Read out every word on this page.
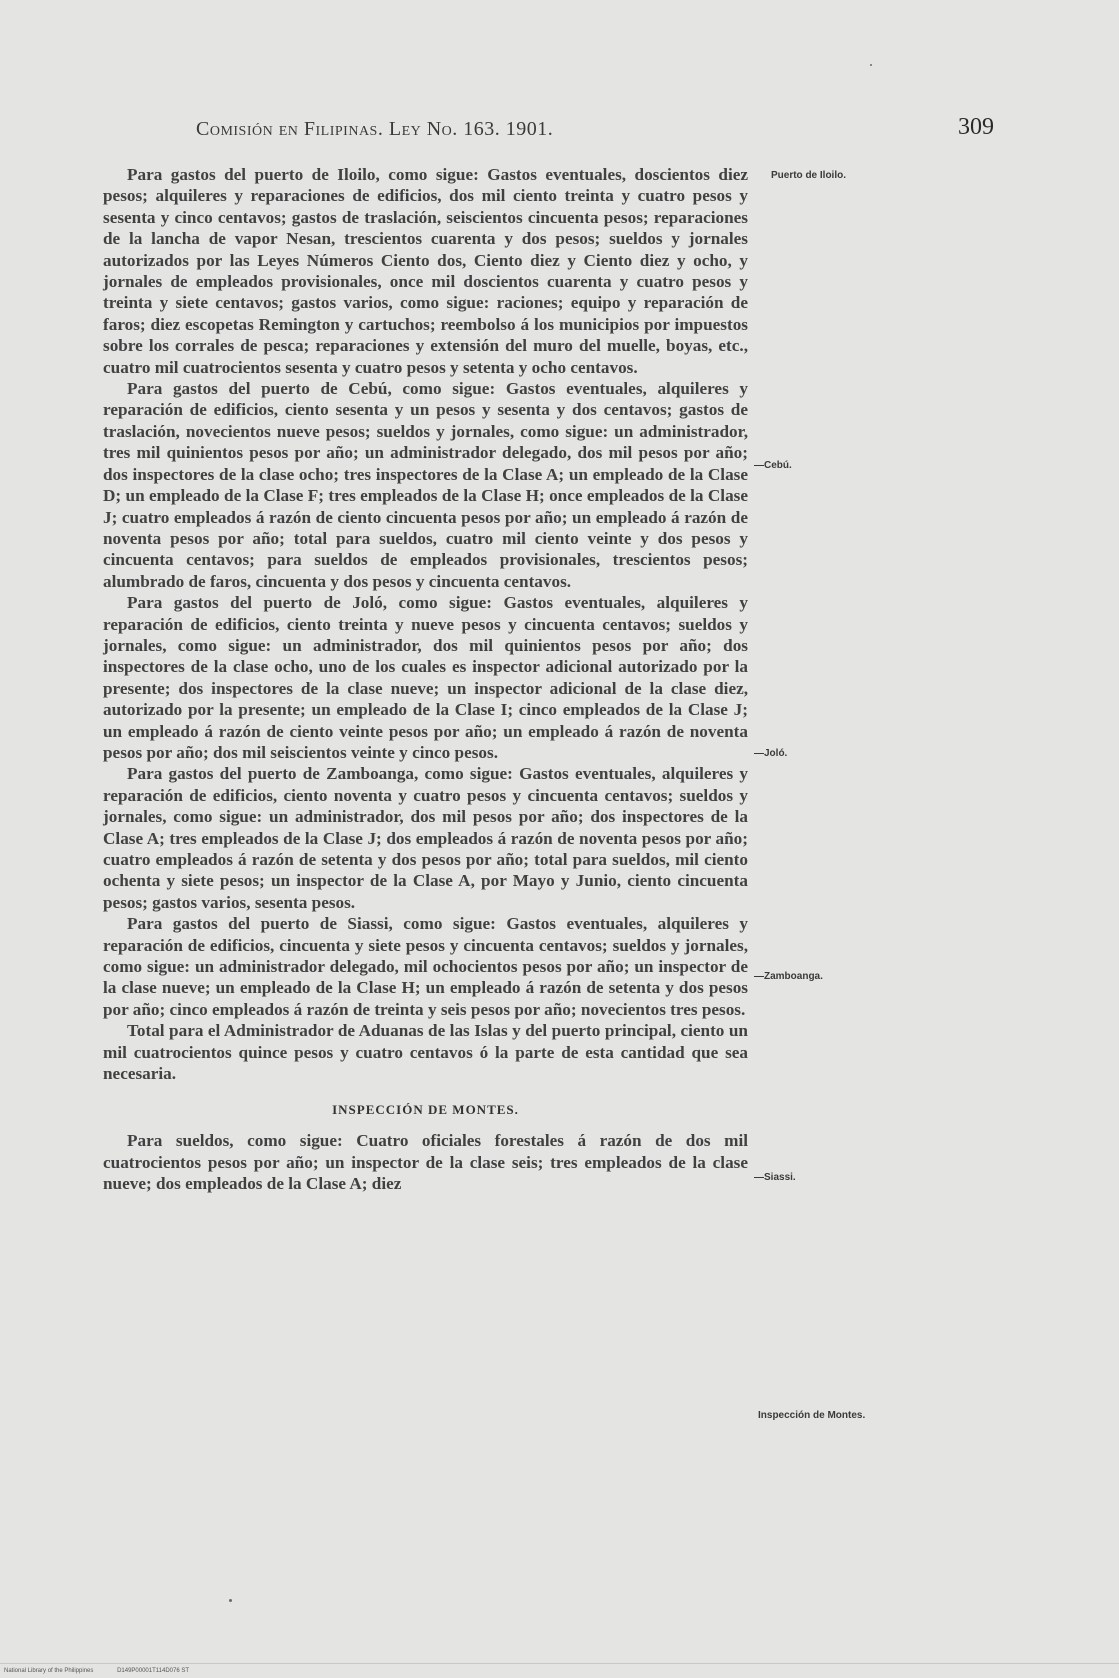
Comisión en Filipinas. Ley No. 163. 1901.	309

Para gastos del puerto de Iloilo, como sigue: Gastos eventuales, doscientos diez pesos; alquileres y reparaciones de edificios, dos mil ciento treinta y cuatro pesos y sesenta y cinco centavos; gastos de traslación, seiscientos cincuenta pesos; reparaciones de la lancha de vapor Nesan, trescientos cuarenta y dos pesos; sueldos y jornales autorizados por las Leyes Números Ciento dos, Ciento diez y Ciento diez y ocho, y jornales de empleados provisionales, once mil doscientos cuarenta y cuatro pesos y treinta y siete centavos; gastos varios, como sigue: raciones; equipo y reparación de faros; diez escopetas Remington y cartuchos; reembolso á los municipios por impuestos sobre los corrales de pesca; reparaciones y extensión del muro del muelle, boyas, etc., cuatro mil cuatrocientos sesenta y cuatro pesos y setenta y ocho centavos.

Para gastos del puerto de Cebú, como sigue: Gastos eventuales, alquileres y reparación de edificios, ciento sesenta y un pesos y sesenta y dos centavos; gastos de traslación, novecientos nueve pesos; sueldos y jornales, como sigue: un administrador, tres mil quinientos pesos por año; un administrador delegado, dos mil pesos por año; dos inspectores de la clase ocho; tres inspectores de la Clase A; un empleado de la Clase D; un empleado de la Clase F; tres empleados de la Clase H; once empleados de la Clase J; cuatro empleados á razón de ciento cincuenta pesos por año; un empleado á razón de noventa pesos por año; total para sueldos, cuatro mil ciento veinte y dos pesos y cincuenta centavos; para sueldos de empleados provisionales, trescientos pesos; alumbrado de faros, cincuenta y dos pesos y cincuenta centavos.

Para gastos del puerto de Joló, como sigue: Gastos eventuales, alquileres y reparación de edificios, ciento treinta y nueve pesos y cincuenta centavos; sueldos y jornales, como sigue: un administrador, dos mil quinientos pesos por año; dos inspectores de la clase ocho, uno de los cuales es inspector adicional autorizado por la presente; dos inspectores de la clase nueve; un inspector adicional de la clase diez, autorizado por la presente; un empleado de la Clase I; cinco empleados de la Clase J; un empleado á razón de ciento veinte pesos por año; un empleado á razón de noventa pesos por año; dos mil seiscientos veinte y cinco pesos.

Para gastos del puerto de Zamboanga, como sigue: Gastos eventuales, alquileres y reparación de edificios, ciento noventa y cuatro pesos y cincuenta centavos; sueldos y jornales, como sigue: un administrador, dos mil pesos por año; dos inspectores de la Clase A; tres empleados de la Clase J; dos empleados á razón de noventa pesos por año; cuatro empleados á razón de setenta y dos pesos por año; total para sueldos, mil ciento ochenta y siete pesos; un inspector de la Clase A, por Mayo y Junio, ciento cincuenta pesos; gastos varios, sesenta pesos.

Para gastos del puerto de Siassi, como sigue: Gastos eventuales, alquileres y reparación de edificios, cincuenta y siete pesos y cincuenta centavos; sueldos y jornales, como sigue: un administrador delegado, mil ochocientos pesos por año; un inspector de la clase nueve; un empleado de la Clase H; un empleado á razón de setenta y dos pesos por año; cinco empleados á razón de treinta y seis pesos por año; novecientos tres pesos.

Total para el Administrador de Aduanas de las Islas y del puerto principal, ciento un mil cuatrocientos quince pesos y cuatro centavos ó la parte de esta cantidad que sea necesaria.

INSPECCIÓN DE MONTES.

Para sueldos, como sigue: Cuatro oficiales forestales á razón de dos mil cuatrocientos pesos por año; un inspector de la clase seis; tres empleados de la clase nueve; dos empleados de la Clase A; diez

Puerto de Iloilo.
—Cebú.
—Joló.
—Zamboanga.
—Siassi.
Inspección de Montes.
National Library of the Philippines	D149P00001T114D076 ST
